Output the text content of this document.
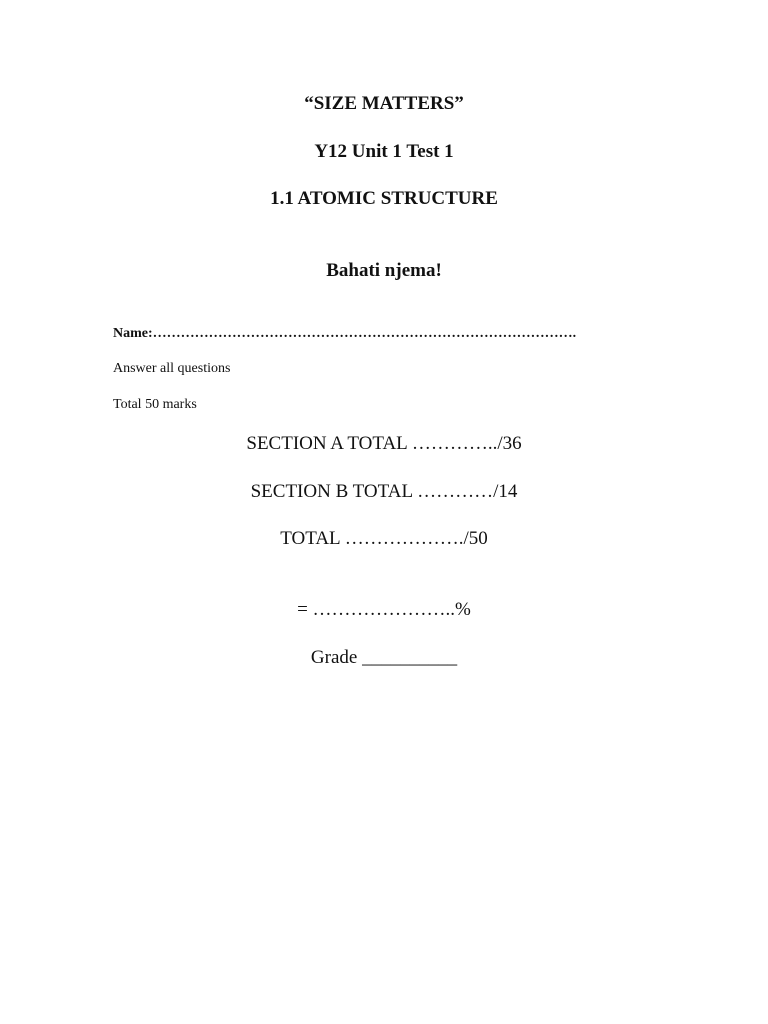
“SIZE MATTERS”
Y12 Unit 1 Test 1
1.1 ATOMIC STRUCTURE
Bahati njema!
Name:……………………………………………………………………………….
Answer all questions
Total 50 marks
SECTION A TOTAL …………../36
SECTION B TOTAL …………/14
TOTAL ………………./50
= …………………..%
Grade __________
